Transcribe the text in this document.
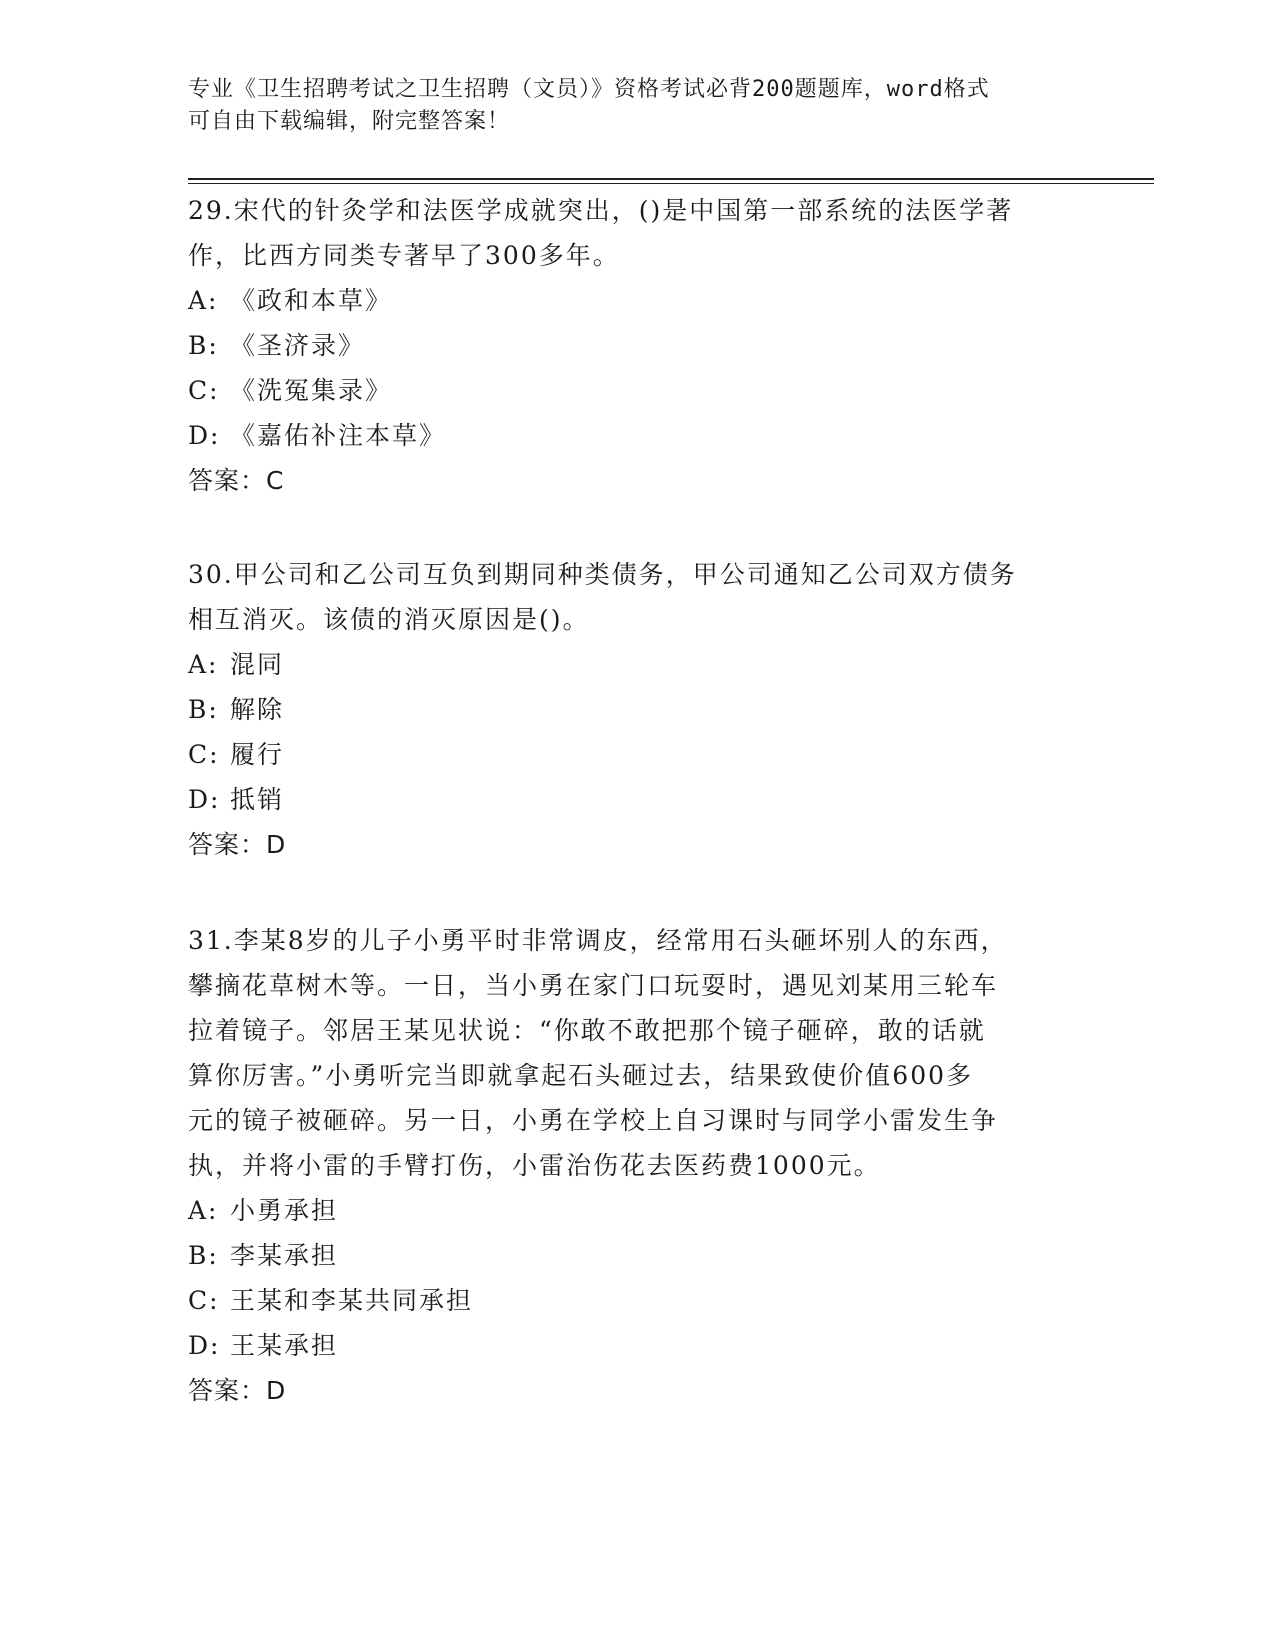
专业《卫生招聘考试之卫生招聘（文员）》资格考试必背200题题库，word格式
可自由下载编辑，附完整答案！

29.宋代的针灸学和法医学成就突出，()是中国第一部系统的法医学著

作，比西方同类专著早了300多年。

A: 《政和本草》

B: 《圣济录》

C: 《洗冤集录》

D: 《嘉佑补注本草》

答案：C

30.甲公司和乙公司互负到期同种类债务，甲公司通知乙公司双方债务

相互消灭。该债的消灭原因是()。

A: 混同

B: 解除

C: 履行

D: 抵销

答案：D

31.李某8岁的儿子小勇平时非常调皮，经常用石头砸坏别人的东西，

攀摘花草树木等。一日，当小勇在家门口玩耍时，遇见刘某用三轮车

拉着镜子。邻居王某见状说：“你敢不敢把那个镜子砸碎，敢的话就

算你厉害。”小勇听完当即就拿起石头砸过去，结果致使价值600多

元的镜子被砸碎。另一日，小勇在学校上自习课时与同学小雷发生争

执，并将小雷的手臂打伤，小雷治伤花去医药费1000元。

A: 小勇承担

B: 李某承担

C: 王某和李某共同承担

D: 王某承担

答案：D
